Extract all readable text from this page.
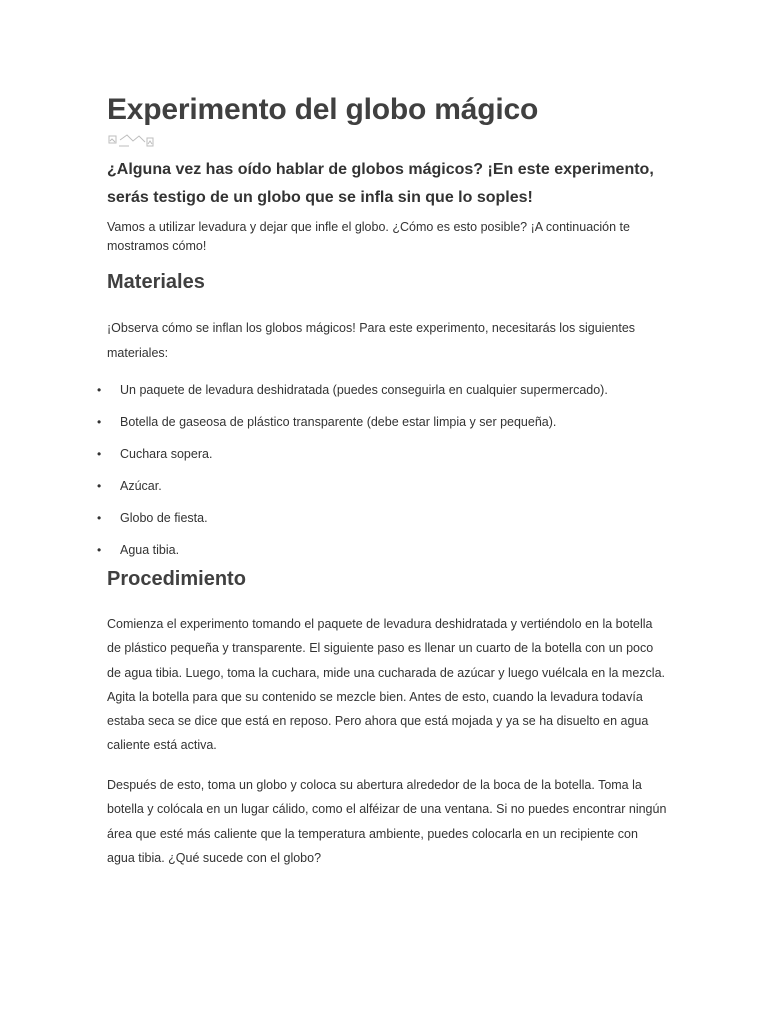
Experimento del globo mágico

¿Alguna vez has oído hablar de globos mágicos? ¡En este experimento, serás testigo de un globo que se infla sin que lo soples!

Vamos a utilizar levadura y dejar que infle el globo. ¿Cómo es esto posible? ¡A continuación te mostramos cómo!

Materiales

¡Observa cómo se inflan los globos mágicos! Para este experimento, necesitarás los siguientes materiales:

• Un paquete de levadura deshidratada (puedes conseguirla en cualquier supermercado).
• Botella de gaseosa de plástico transparente (debe estar limpia y ser pequeña).
• Cuchara sopera.
• Azúcar.
• Globo de fiesta.
• Agua tibia.
Procedimiento

Comienza el experimento tomando el paquete de levadura deshidratada y vertiéndolo en la botella de plástico pequeña y transparente. El siguiente paso es llenar un cuarto de la botella con un poco de agua tibia. Luego, toma la cuchara, mide una cucharada de azúcar y luego vuélcala en la mezcla. Agita la botella para que su contenido se mezcle bien. Antes de esto, cuando la levadura todavía estaba seca se dice que está en reposo. Pero ahora que está mojada y ya se ha disuelto en agua caliente está activa.

Después de esto, toma un globo y coloca su abertura alrededor de la boca de la botella. Toma la botella y colócala en un lugar cálido, como el alféizar de una ventana. Si no puedes encontrar ningún área que esté más caliente que la temperatura ambiente, puedes colocarla en un recipiente con agua tibia. ¿Qué sucede con el globo?
